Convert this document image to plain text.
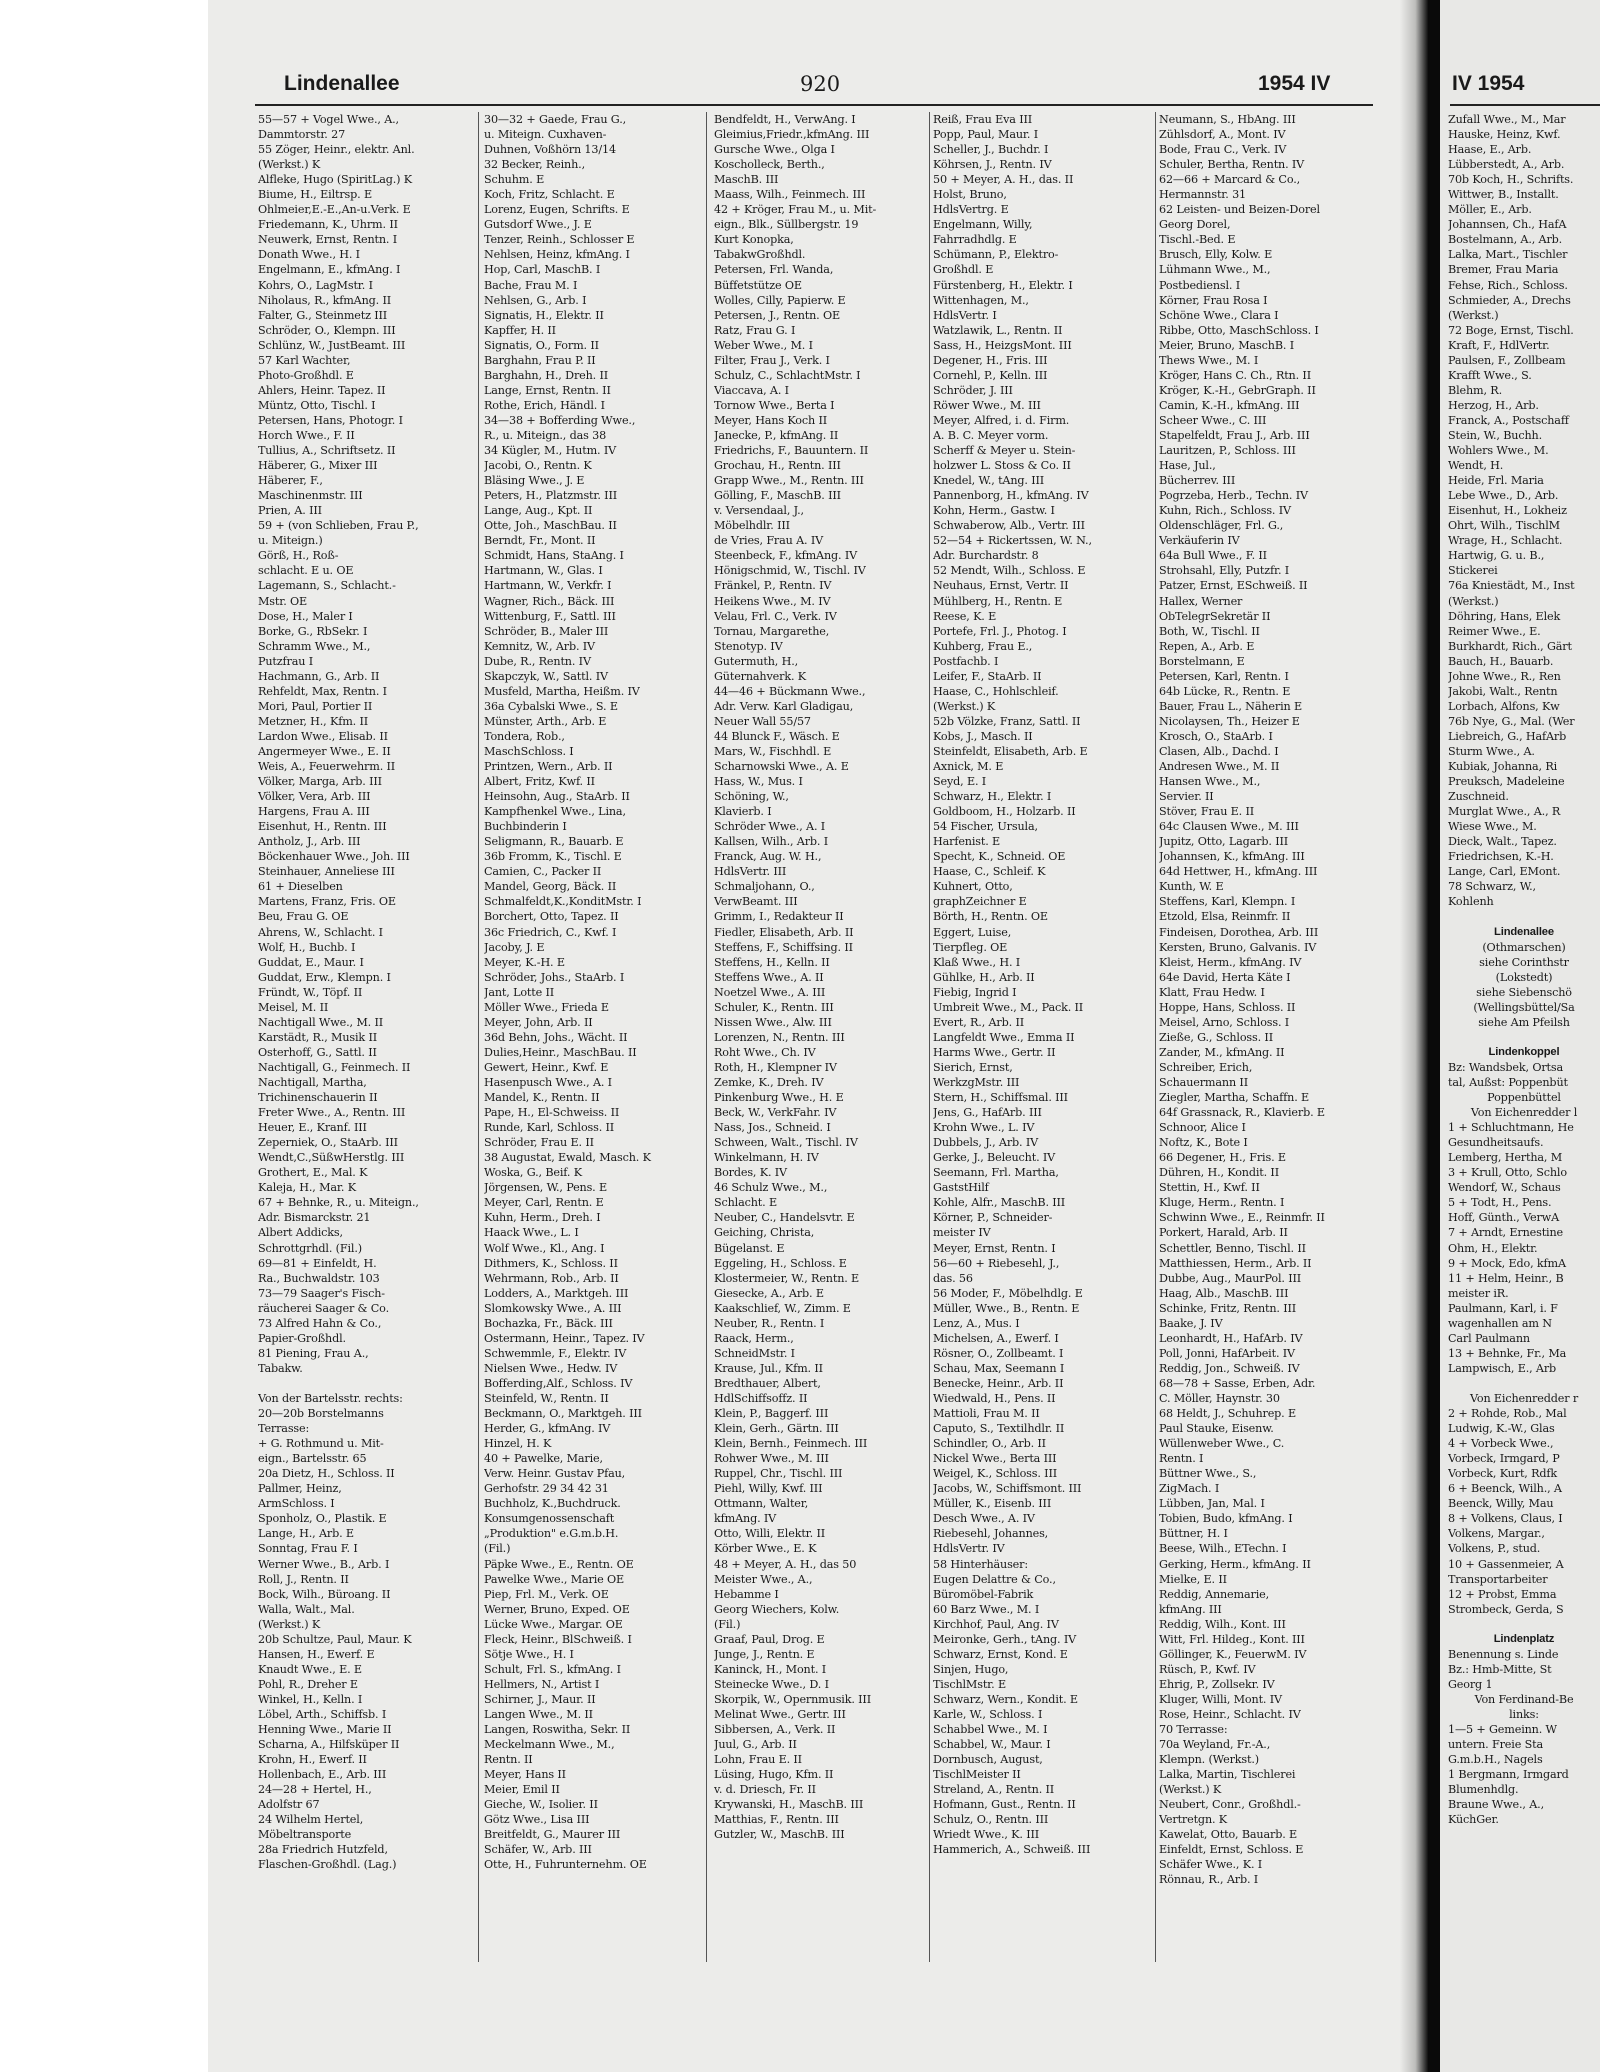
Lindenallee	920	1954 IV	IV 1954
55—57 + Vogel Wwe., A.,
Dammtorstr. 27
55 Zöger, Heinr., elektr. Anl.
(Werkst.) K
Alfleke, Hugo (SpiritLag.) K
Biume, H., Eiltrsp. E
Ohlmeier,E.-E.,An-u.Verk. E
Friedemann, K., Uhrm. II
Neuwerk, Ernst, Rentn. I
Donath Wwe., H. I
Engelmann, E., kfmAng. I
Kohrs, O., LagMstr. I
Niholaus, R., kfmAng. II
Falter, G., Steinmetz III
Schröder, O., Klempn. III
Schlünz, W., JustBeamt. III
57 Karl Wachter,
Photo-Großhdl. E
Ahlers, Heinr. Tapez. II
Müntz, Otto, Tischl. I
Petersen, Hans, Photogr. I
Horch Wwe., F. II
Tullius, A., Schriftsetz. II
Häberer, G., Mixer III
Häberer, F.,
Maschinenmstr. III
Prien, A. III
59 + (von Schlieben, Frau P.,
u. Miteign.)
Görß, H., Roß-
schlacht. E u. OE
Lagemann, S., Schlacht.-
Mstr. OE
Dose, H., Maler I
Borke, G., RbSekr. I
Schramm Wwe., M.,
Putzfrau I
Hachmann, G., Arb. II
Rehfeldt, Max, Rentn. I
Mori, Paul, Portier II
Metzner, H., Kfm. II
Lardon Wwe., Elisab. II
Angermeyer Wwe., E. II
Weis, A., Feuerwehrm. II
Völker, Marga, Arb. III
Völker, Vera, Arb. III
Hargens, Frau A. III
Eisenhut, H., Rentn. III
Antholz, J., Arb. III
Böckenhauer Wwe., Joh. III
Steinhauer, Anneliese III
61 + Dieselben
Martens, Franz, Fris. OE
Beu, Frau G. OE
Ahrens, W., Schlacht. I
Wolf, H., Buchb. I
Guddat, E., Maur. I
Guddat, Erw., Klempn. I
Fründt, W., Töpf. II
Meisel, M. II
Nachtigall Wwe., M. II
Karstädt, R., Musik II
Osterhoff, G., Sattl. II
Nachtigall, G., Feinmech. II
Nachtigall, Martha,
Trichinenschauerin II
Freter Wwe., A., Rentn. III
Heuer, E., Kranf. III
Zeperniek, O., StaArb. III
Wendt,C.,SüßwHerstlg. III
Grothert, E., Mal. K
Kaleja, H., Mar. K
67 + Behnke, R., u. Miteign.,
Adr. Bismarckstr. 21
Albert Addicks,
Schrottgrhdl. (Fil.)
69—81 + Einfeldt, H.
Ra., Buchwaldstr. 103
73—79 Saager's Fisch-
räucherei Saager & Co.
73 Alfred Hahn & Co.,
Papier-Großhdl.
81 Piening, Frau A.,
Tabakw.

Von der Bartelsstr. rechts:
20—20b Borstelmanns
Terrasse:
+ G. Rothmund u. Mit-
eign., Bartelsstr. 65
20a Dietz, H., Schloss. II
Pallmer, Heinz,
ArmSchloss. I
Sponholz, O., Plastik. E
Lange, H., Arb. E
Sonntag, Frau F. I
Werner Wwe., B., Arb. I
Roll, J., Rentn. II
Bock, Wilh., Büroang. II
Walla, Walt., Mal.
(Werkst.) K
20b Schultze, Paul, Maur. K
Hansen, H., Ewerf. E
Knaudt Wwe., E. E
Pohl, R., Dreher E
Winkel, H., Kelln. I
Löbel, Arth., Schiffsb. I
Henning Wwe., Marie II
Scharna, A., Hilfsküper II
Krohn, H., Ewerf. II
Hollenbach, E., Arb. III
24—28 + Hertel, H.,
Adolfstr 67
24 Wilhelm Hertel,
Möbeltransporte
28a Friedrich Hutzfeld,
Flaschen-Großhdl. (Lag.)
30—32 + Gaede, Frau G.,
u. Miteign. Cuxhaven-
Duhnen, Voßhörn 13/14
32 Becker, Reinh.,
Schuhm. E
Koch, Fritz, Schlacht. E
Lorenz, Eugen, Schrifts. E
Gutsdorf Wwe., J. E
Tenzer, Reinh., Schlosser E
Nehlsen, Heinz, kfmAng. I
Hop, Carl, MaschB. I
Bache, Frau M. I
Nehlsen, G., Arb. I
Signatis, H., Elektr. II
Kapffer, H. II
Signatis, O., Form. II
Barghahn, Frau P. II
Barghahn, H., Dreh. II
Lange, Ernst, Rentn. II
Rothe, Erich, Händl. I
34—38 + Bofferding Wwe.,
R., u. Miteign., das 38
34 Kügler, M., Hutm. IV
Jacobi, O., Rentn. K
Bläsing Wwe., J. E
Peters, H., Platzmstr. III
Lange, Aug., Kpt. II
Otte, Joh., MaschBau. II
Berndt, Fr., Mont. II
Schmidt, Hans, StaAng. I
Hartmann, W., Glas. I
Hartmann, W., Verkfr. I
Wagner, Rich., Bäck. III
Wittenburg, F., Sattl. III
Schröder, B., Maler III
Kemnitz, W., Arb. IV
Dube, R., Rentn. IV
Skapczyk, W., Sattl. IV
Musfeld, Martha, Heißm. IV
36a Cybalski Wwe., S. E
Münster, Arth., Arb. E
Tondera, Rob.,
MaschSchloss. I
Printzen, Wern., Arb. II
Albert, Fritz, Kwf. II
Heinsohn, Aug., StaArb. II
Kampfhenkel Wwe., Lina,
Buchbinderin I
Seligmann, R., Bauarb. E
36b Fromm, K., Tischl. E
Camien, C., Packer II
Mandel, Georg, Bäck. II
Schmalfeldt,K.,KonditMstr. I
Borchert, Otto, Tapez. II
36c Friedrich, C., Kwf. I
Jacoby, J. E
Meyer, K.-H. E
Schröder, Johs., StaArb. I
Jant, Lotte II
Möller Wwe., Frieda E
Meyer, John, Arb. II
36d Behn, Johs., Wächt. II
Dulies,Heinr., MaschBau. II
Gewert, Heinr., Kwf. E
Hasenpusch Wwe., A. I
Mandel, K., Rentn. II
Pape, H., El-Schweiss. II
Runde, Karl, Schloss. II
Schröder, Frau E. II
38 Augustat, Ewald, Masch. K
Woska, G., Beif. K
Jörgensen, W., Pens. E
Meyer, Carl, Rentn. E
Kuhn, Herm., Dreh. I
Haack Wwe., L. I
Wolf Wwe., Kl., Ang. I
Dithmers, K., Schloss. II
Wehrmann, Rob., Arb. II
Lodders, A., Marktgeh. III
Slomkowsky Wwe., A. III
Bochazka, Fr., Bäck. III
Ostermann, Heinr., Tapez. IV
Schwemmle, F., Elektr. IV
Nielsen Wwe., Hedw. IV
Bofferding,Alf., Schloss. IV
Steinfeld, W., Rentn. II
Beckmann, O., Marktgeh. III
Herder, G., kfmAng. IV
Hinzel, H. K
40 + Pawelke, Marie,
Verw. Heinr. Gustav Pfau,
Gerhofstr. 29 34 42 31
Buchholz, K.,Buchdruck.
Konsumgenossenschaft
„Produktion" e.G.m.b.H.
(Fil.)
Päpke Wwe., E., Rentn. OE
Pawelke Wwe., Marie OE
Piep, Frl. M., Verk. OE
Werner, Bruno, Exped. OE
Lücke Wwe., Margar. OE
Fleck, Heinr., BlSchweiß. I
Sötje Wwe., H. I
Schult, Frl. S., kfmAng. I
Hellmers, N., Artist I
Schirner, J., Maur. II
Langen Wwe., M. II
Langen, Roswitha, Sekr. II
Meckelmann Wwe., M.,
Rentn. II
Meyer, Hans II
Meier, Emil II
Gieche, W., Isolier. II
Götz Wwe., Lisa III
Breitfeldt, G., Maurer III
Schäfer, W., Arb. III
Otte, H., Fuhrunternehm. OE
Bendfeldt, H., VerwAng. I
Gleimius,Friedr.,kfmAng. III
Gursche Wwe., Olga I
Koscholleck, Berth.,
MaschB. III
Maass, Wilh., Feinmech. III
42 + Kröger, Frau M., u. Mit-
eign., Blk., Süllbergstr. 19
Kurt Konopka,
TabakwGroßhdl.
Petersen, Frl. Wanda,
Büffetstütze OE
Wolles, Cilly, Papierw. E
Petersen, J., Rentn. OE
Ratz, Frau G. I
Weber Wwe., M. I
Filter, Frau J., Verk. I
Schulz, C., SchlachtMstr. I
Viaccava, A. I
Tornow Wwe., Berta I
Meyer, Hans Koch II
Janecke, P., kfmAng. II
Friedrichs, F., Bauuntern. II
Grochau, H., Rentn. III
Grapp Wwe., M., Rentn. III
Gölling, F., MaschB. III
v. Versendaal, J.,
Möbelhdlr. III
de Vries, Frau A. IV
Steenbeck, F., kfmAng. IV
Hönigschmid, W., Tischl. IV
Fränkel, P., Rentn. IV
Heikens Wwe., M. IV
Velau, Frl. C., Verk. IV
Tornau, Margarethe,
Stenotyp. IV
Gutermuth, H.,
Güternahverk. K
44—46 + Bückmann Wwe.,
Adr. Verw. Karl Gladigau,
Neuer Wall 55/57
44 Blunck F., Wäsch. E
Mars, W., Fischhdl. E
Scharnowski Wwe., A. E
Hass, W., Mus. I
Schöning, W.,
Klavierb. I
Schröder Wwe., A. I
Kallsen, Wilh., Arb. I
Franck, Aug. W. H.,
HdlsVertr. III
Schmaljohann, O.,
VerwBeamt. III
Grimm, I., Redakteur II
Fiedler, Elisabeth, Arb. II
Steffens, F., Schiffsing. II
Steffens, H., Kelln. II
Steffens Wwe., A. II
Noetzel Wwe., A. III
Schuler, K., Rentn. III
Nissen Wwe., Alw. III
Lorenzen, N., Rentn. III
Roht Wwe., Ch. IV
Roth, H., Klempner IV
Zemke, K., Dreh. IV
Pinkenburg Wwe., H. E
Beck, W., VerkFahr. IV
Nass, Jos., Schneid. I
Schween, Walt., Tischl. IV
Winkelmann, H. IV
Bordes, K. IV
46 Schulz Wwe., M.,
Schlacht. E
Neuber, C., Handelsvtr. E
Geiching, Christa,
Bügelanst. E
Eggeling, H., Schloss. E
Klostermeier, W., Rentn. E
Giesecke, A., Arb. E
Kaakschlief, W., Zimm. E
Neuber, R., Rentn. I
Raack, Herm.,
SchneidMstr. I
Krause, Jul., Kfm. II
Bredthauer, Albert,
HdlSchiffsoffz. II
Klein, P., Baggerf. III
Klein, Gerh., Gärtn. III
Klein, Bernh., Feinmech. III
Rohwer Wwe., M. III
Ruppel, Chr., Tischl. III
Piehl, Willy, Kwf. III
Ottmann, Walter,
kfmAng. IV
Otto, Willi, Elektr. II
Körber Wwe., E. K
48 + Meyer, A. H., das 50
Meister Wwe., A.,
Hebamme I
Georg Wiechers, Kolw.
(Fil.)
Graaf, Paul, Drog. E
Junge, J., Rentn. E
Kaninck, H., Mont. I
Steinecke Wwe., D. I
Skorpik, W., Opernmusik. III
Melinat Wwe., Gertr. III
Sibbersen, A., Verk. II
Juul, G., Arb. II
Lohn, Frau E. II
Lüsing, Hugo, Kfm. II
v. d. Driesch, Fr. II
Krywanski, H., MaschB. III
Matthias, F., Rentn. III
Gutzler, W., MaschB. III
Reiß, Frau Eva III
Popp, Paul, Maur. I
Scheller, J., Buchdr. I
Köhrsen, J., Rentn. IV
50 + Meyer, A. H., das. II
Holst, Bruno,
HdlsVertrg. E
Engelmann, Willy,
Fahrradhdlg. E
Schümann, P., Elektro-
Großhdl. E
Fürstenberg, H., Elektr. I
Wittenhagen, M.,
HdlsVertr. I
Watzlawik, L., Rentn. II
Sass, H., HeizgsMont. III
Degener, H., Fris. III
Cornehl, P., Kelln. III
Schröder, J. III
Röwer Wwe., M. III
Meyer, Alfred, i. d. Firm.
A. B. C. Meyer vorm.
Scherff & Meyer u. Stein-
holzwer L. Stoss & Co. II
Knedel, W., tAng. III
Pannenborg, H., kfmAng. IV
Kohn, Herm., Gastw. I
Schwaberow, Alb., Vertr. III
52—54 + Rickertssen, W. N.,
Adr. Burchardstr. 8
52 Mendt, Wilh., Schloss. E
Neuhaus, Ernst, Vertr. II
Mühlberg, H., Rentn. E
Reese, K. E
Portefe, Frl. J., Photog. I
Kuhberg, Frau E.,
Postfachb. I
Leifer, F., StaArb. II
Haase, C., Hohlschleif.
(Werkst.) K
52b Völzke, Franz, Sattl. II
Kobs, J., Masch. II
Steinfeldt, Elisabeth, Arb. E
Axnick, M. E
Seyd, E. I
Schwarz, H., Elektr. I
Goldboom, H., Holzarb. II
54 Fischer, Ursula,
Harfenist. E
Specht, K., Schneid. OE
Haase, C., Schleif. K
Kuhnert, Otto,
graphZeichner E
Börth, H., Rentn. OE
Eggert, Luise,
Tierpfleg. OE
Klaß Wwe., H. I
Gühlke, H., Arb. II
Fiebig, Ingrid I
Umbreit Wwe., M., Pack. II
Evert, R., Arb. II
Langfeldt Wwe., Emma II
Harms Wwe., Gertr. II
Sierich, Ernst,
WerkzgMstr. III
Stern, H., Schiffsmal. III
Jens, G., HafArb. III
Krohn Wwe., L. IV
Dubbels, J., Arb. IV
Gerke, J., Beleucht. IV
Seemann, Frl. Martha,
GaststHilf
Kohle, Alfr., MaschB. III
Körner, P., Schneider-
meister IV
Meyer, Ernst, Rentn. I
56—60 + Riebesehl, J.,
das. 56
56 Moder, F., Möbelhdlg. E
Müller, Wwe., B., Rentn. E
Lenz, A., Mus. I
Michelsen, A., Ewerf. I
Rösner, O., Zollbeamt. I
Schau, Max, Seemann I
Benecke, Heinr., Arb. II
Wiedwald, H., Pens. II
Mattioli, Frau M. II
Caputo, S., Textilhdlr. II
Schindler, O., Arb. II
Nickel Wwe., Berta III
Weigel, K., Schloss. III
Jacobs, W., Schiffsmont. III
Müller, K., Eisenb. III
Desch Wwe., A. IV
Riebesehl, Johannes,
HdlsVertr. IV
58 Hinterhäuser:
Eugen Delattre & Co.,
Büromöbel-Fabrik
60 Barz Wwe., M. I
Kirchhof, Paul, Ang. IV
Meironke, Gerh., tAng. IV
Schwarz, Ernst, Kond. E
Sinjen, Hugo,
TischlMstr. E
Schwarz, Wern., Kondit. E
Karle, W., Schloss. I
Schabbel Wwe., M. I
Schabbel, W., Maur. I
Dornbusch, August,
TischlMeister II
Streland, A., Rentn. II
Hofmann, Gust., Rentn. II
Schulz, O., Rentn. III
Wriedt Wwe., K. III
Hammerich, A., Schweiß. III
Neumann, S., HbAng. III
Zühlsdorf, A., Mont. IV
Bode, Frau C., Verk. IV
Schuler, Bertha, Rentn. IV
62—66 + Marcard & Co.,
Hermannstr. 31
62 Leisten- und Beizen-Dorel
Georg Dorel,
Tischl.-Bed. E
Brusch, Elly, Kolw. E
Lühmann Wwe., M.,
Postbediensl. I
Körner, Frau Rosa I
Schöne Wwe., Clara I
Ribbe, Otto, MaschSchloss. I
Meier, Bruno, MaschB. I
Thews Wwe., M. I
Kröger, Hans C. Ch., Rtn. II
Kröger, K.-H., GebrGraph. II
Camin, K.-H., kfmAng. III
Scheer Wwe., C. III
Stapelfeldt, Frau J., Arb. III
Lauritzen, P., Schloss. III
Hase, Jul.,
Bücherrev. III
Pogrzeba, Herb., Techn. IV
Kuhn, Rich., Schloss. IV
Oldenschläger, Frl. G.,
Verkäuferin IV
64a Bull Wwe., F. II
Strohsahl, Elly, Putzfr. I
Patzer, Ernst, ESchweiß. II
Hallex, Werner
ObTelegrSekretär II
Both, W., Tischl. II
Repen, A., Arb. E
Borstelmann, E
Petersen, Karl, Rentn. I
64b Lücke, R., Rentn. E
Bauer, Frau L., Näherin E
Nicolaysen, Th., Heizer E
Krosch, O., StaArb. I
Clasen, Alb., Dachd. I
Andresen Wwe., M. II
Hansen Wwe., M.,
Servier. II
Stöver, Frau E. II
64c Clausen Wwe., M. III
Jupitz, Otto, Lagarb. III
Johannsen, K., kfmAng. III
64d Hettwer, H., kfmAng. III
Kunth, W. E
Steffens, Karl, Klempn. I
Etzold, Elsa, Reinmfr. II
Findeisen, Dorothea, Arb. III
Kersten, Bruno, Galvanis. IV
Kleist, Herm., kfmAng. IV
64e David, Herta Käte I
Klatt, Frau Hedw. I
Hoppe, Hans, Schloss. II
Meisel, Arno, Schloss. I
Zieße, G., Schloss. II
Zander, M., kfmAng. II
Schreiber, Erich,
Schauermann II
Ziegler, Martha, Schaffn. E
64f Grassnack, R., Klavierb. E
Schnoor, Alice I
Noftz, K., Bote I
66 Degener, H., Fris. E
Dühren, H., Kondit. II
Stettin, H., Kwf. II
Kluge, Herm., Rentn. I
Schwinn Wwe., E., Reinmfr. II
Porkert, Harald, Arb. II
Schettler, Benno, Tischl. II
Matthiessen, Herm., Arb. II
Dubbe, Aug., MaurPol. III
Haag, Alb., MaschB. III
Schinke, Fritz, Rentn. III
Baake, J. IV
Leonhardt, H., HafArb. IV
Poll, Jonni, HafArbeit. IV
Reddig, Jon., Schweiß. IV
68—78 + Sasse, Erben, Adr.
C. Möller, Haynstr. 30
68 Heldt, J., Schuhrep. E
Paul Stauke, Eisenw.
Wüllenweber Wwe., C.
Rentn. I
Büttner Wwe., S.,
ZigMach. I
Lübben, Jan, Mal. I
Tobien, Budo, kfmAng. I
Büttner, H. I
Beese, Wilh., ETechn. I
Gerking, Herm., kfmAng. II
Mielke, E. II
Reddig, Annemarie,
kfmAng. III
Reddig, Wilh., Kont. III
Witt, Frl. Hildeg., Kont. III
Göllinger, K., FeuerwM. IV
Rüsch, P., Kwf. IV
Ehrig, P., Zollsekr. IV
Kluger, Willi, Mont. IV
Rose, Heinr., Schlacht. IV
70 Terrasse:
70a Weyland, Fr.-A.,
Klempn. (Werkst.)
Lalka, Martin, Tischlerei
(Werkst.) K
Neubert, Conr., Großhdl.-
Vertretgn. K
Kawelat, Otto, Bauarb. E
Einfeldt, Ernst, Schloss. E
Schäfer Wwe., K. I
Rönnau, R., Arb. I
Zufall Wwe., M., Mar
Hauske, Heinz, Kwf.
Haase, E., Arb.
Lübberstedt, A., Arb.
70b Koch, H., Schrifts.
Wittwer, B., Installt.
Möller, E., Arb.
Johannsen, Ch., HafA
Bostelmann, A., Arb.
Lalka, Mart., Tischler
Bremer, Frau Maria
Fehse, Rich., Schloss.
Schmieder, A., Drechs
(Werkst.)
72 Boge, Ernst, Tischl.
Kraft, F., HdlVertr.
Paulsen, F., Zollbeam
Krafft Wwe., S.
Blehm, R.
Herzog, H., Arb.
Franck, A., Postschaff
Stein, W., Buchh.
Wohlers Wwe., M.
Wendt, H.
Heide, Frl. Maria
Lebe Wwe., D., Arb.
Eisenhut, H., Lokheiz
Ohrt, Wilh., TischlM
Wrage, H., Schlacht.
Hartwig, G. u. B.,
Stickerei
76a Kniestädt, M., Inst
(Werkst.)
Döhring, Hans, Elek
Reimer Wwe., E.
Burkhardt, Rich., Gärt
Bauch, H., Bauarb.
Johne Wwe., R., Ren
Jakobi, Walt., Rentn
Lorbach, Alfons, Kw
76b Nye, G., Mal. (Wer
Liebreich, G., HafArb
Sturm Wwe., A.
Kubiak, Johanna, Ri
Preuksch, Madeleine
Zuschneid.
Murglat Wwe., A., R
Wiese Wwe., M.
Dieck, Walt., Tapez.
Friedrichsen, K.-H.
Lange, Carl, EMont.
78 Schwarz, W.,
Kohlenh

Lindenallee
(Othmarschen)
siehe Corinthstr
(Lokstedt)
siehe Siebenschö
(Wellingsbüttel/Sa
siehe Am Pfeilsh

Lindenkoppel
Bz: Wandsbek, Ortsa
tal, Außst: Poppenbüt
Poppenbüttel
Von Eichenredder l
1 + Schluchtmann, He
Gesundheitsaufs.
Lemberg, Hertha, M
3 + Krull, Otto, Schlo
Wendorf, W., Schaus
5 + Todt, H., Pens.
Hoff, Günth., VerwA
7 + Arndt, Ernestine
Ohm, H., Elektr.
9 + Mock, Edo, kfmA
11 + Helm, Heinr., B
meister iR.
Paulmann, Karl, i. F
wagenhallen am N
Carl Paulmann
13 + Behnke, Fr., Ma
Lampwisch, E., Arb

Von Eichenredder r
2 + Rohde, Rob., Mal
Ludwig, K.-W., Glas
4 + Vorbeck Wwe.,
Vorbeck, Irmgard, P
Vorbeck, Kurt, Rdfk
6 + Beenck, Wilh., A
Beenck, Willy, Mau
8 + Volkens, Claus, I
Volkens, Margar.,
Volkens, P., stud.
10 + Gassenmeier, A
Transportarbeiter
12 + Probst, Emma
Strombeck, Gerda, S

Lindenplatz
Benennung s. Linde
Bz.: Hmb-Mitte, St
Georg 1
Von Ferdinand-Be
links:
1—5 + Gemeinn. W
untern. Freie Sta
G.m.b.H., Nagels
1 Bergmann, Irmgard
Blumenhdlg.
Braune Wwe., A.,
KüchGer.
